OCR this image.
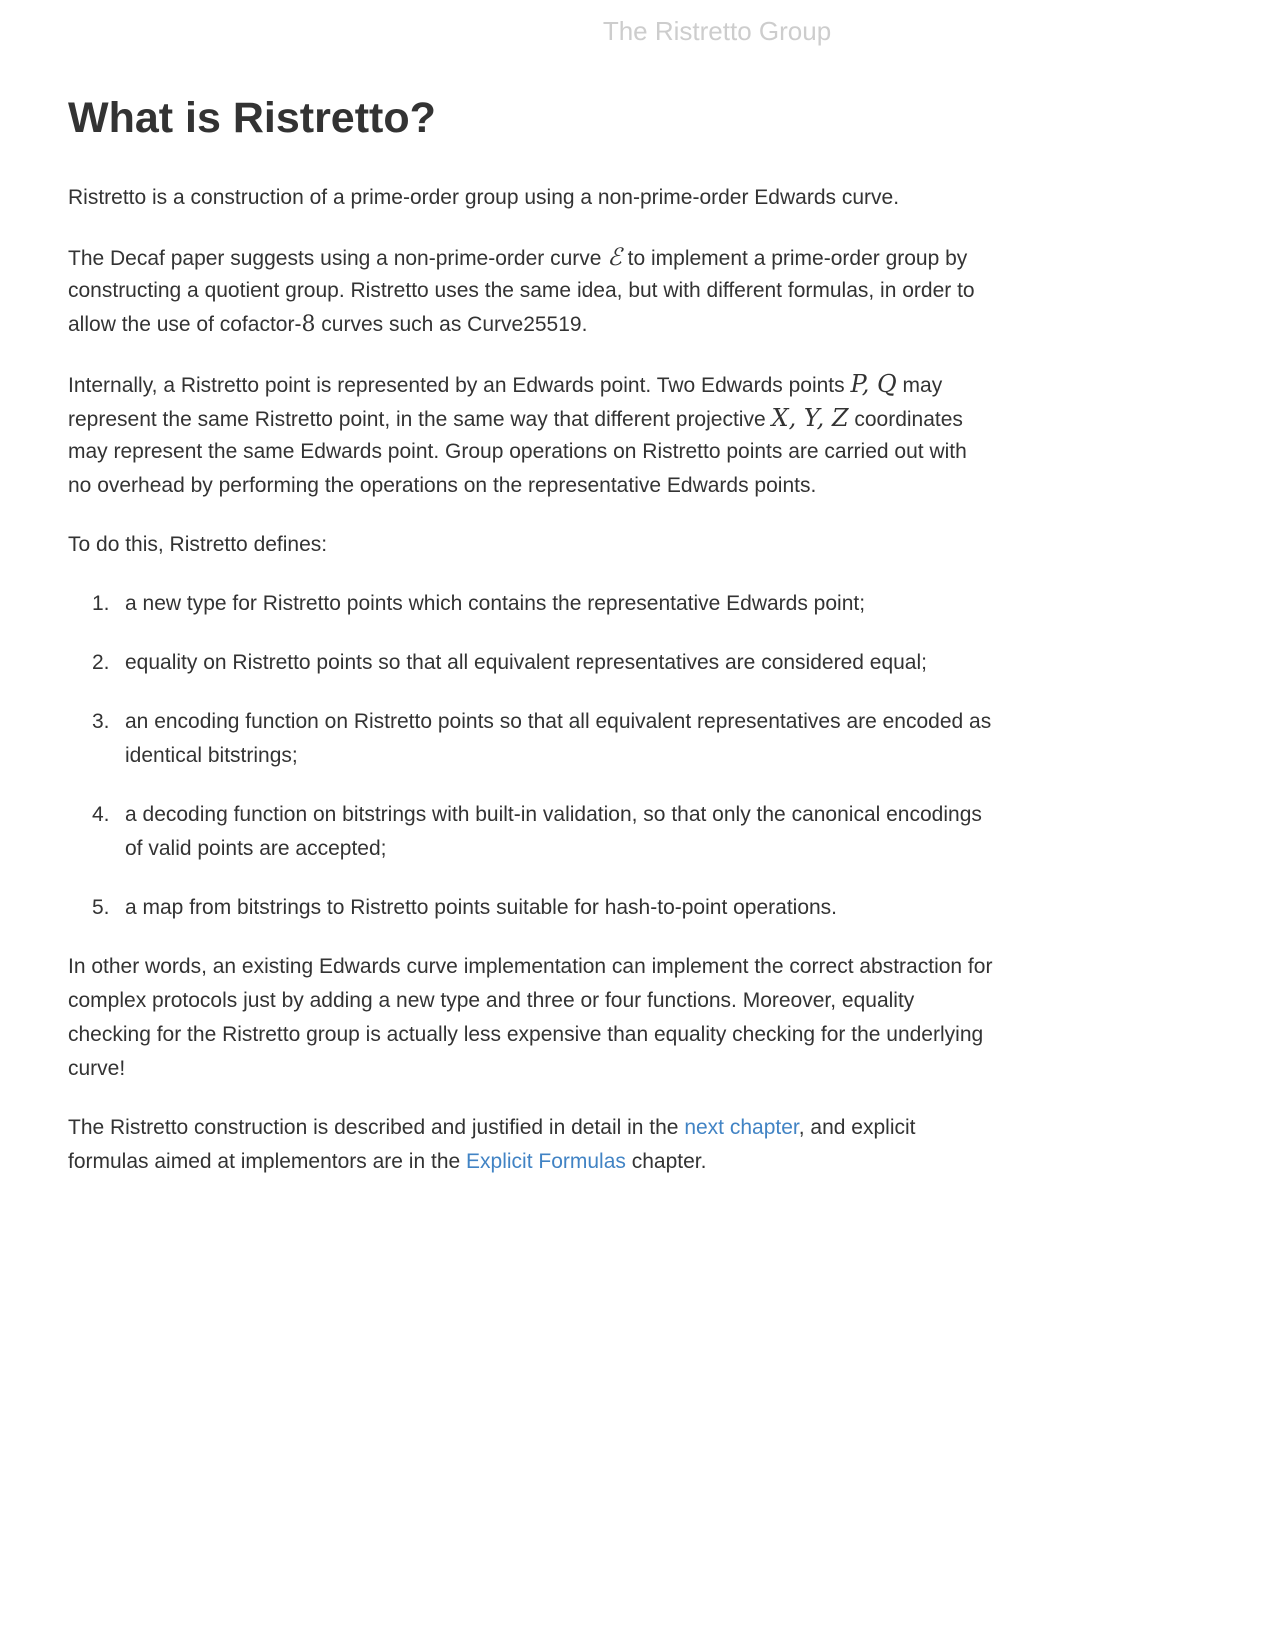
The Ristretto Group
What is Ristretto?
Ristretto is a construction of a prime-order group using a non-prime-order Edwards curve.
The Decaf paper suggests using a non-prime-order curve ℰ to implement a prime-order group by
constructing a quotient group. Ristretto uses the same idea, but with different formulas, in order to
allow the use of cofactor-8 curves such as Curve25519.
Internally, a Ristretto point is represented by an Edwards point. Two Edwards points P, Q may
represent the same Ristretto point, in the same way that different projective X, Y, Z coordinates
may represent the same Edwards point. Group operations on Ristretto points are carried out with
no overhead by performing the operations on the representative Edwards points.
To do this, Ristretto defines:
1. a new type for Ristretto points which contains the representative Edwards point;
2. equality on Ristretto points so that all equivalent representatives are considered equal;
3. an encoding function on Ristretto points so that all equivalent representatives are encoded as
identical bitstrings;
4. a decoding function on bitstrings with built-in validation, so that only the canonical encodings
of valid points are accepted;
5. a map from bitstrings to Ristretto points suitable for hash-to-point operations.
In other words, an existing Edwards curve implementation can implement the correct abstraction for
complex protocols just by adding a new type and three or four functions. Moreover, equality
checking for the Ristretto group is actually less expensive than equality checking for the underlying
curve!
The Ristretto construction is described and justified in detail in the next chapter, and explicit
formulas aimed at implementors are in the Explicit Formulas chapter.
